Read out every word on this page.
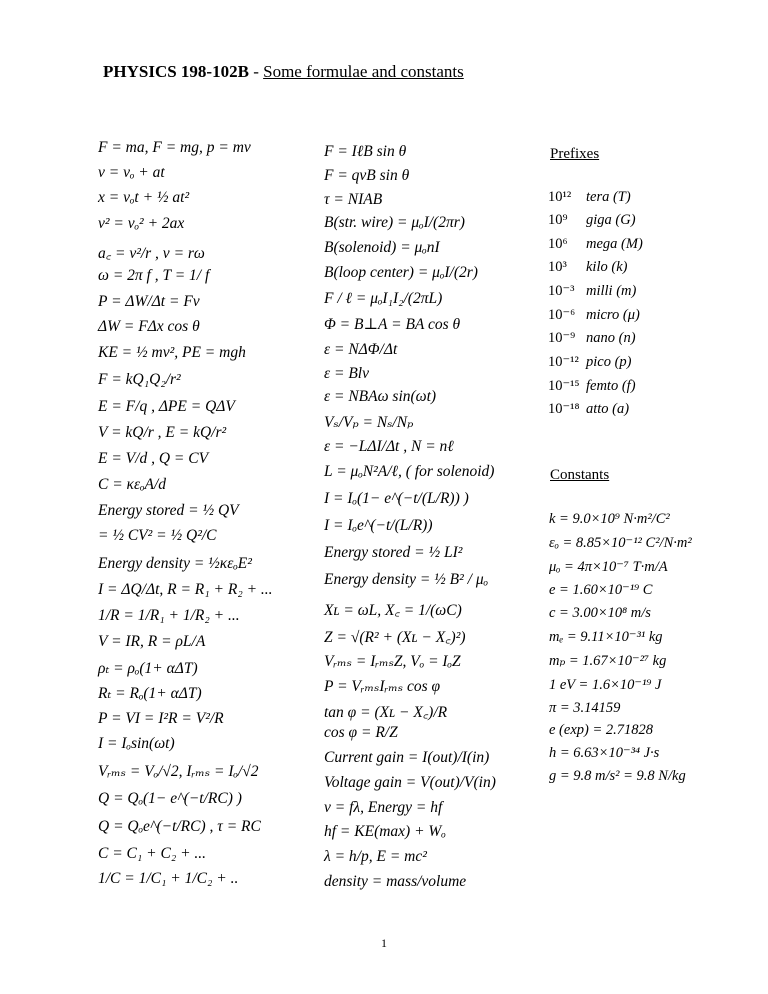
PHYSICS 198-102B - Some formulae and constants
F = ma, F = mg, p = mv
v = vₒ + at
x = vₒt + ½ at²
v² = vₒ² + 2ax
a꜀ = v²/r , v = rω
ω = 2π f , T = 1/ f
P = ΔW/Δt = Fv
ΔW = FΔx cos θ
KE = ½ mv², PE = mgh
F = kQ₁Q₂/r²
E = F/q , ΔPE = QΔV
V = kQ/r , E = kQ/r²
E = V/d , Q = CV
C = κεₒA/d
Energy stored = ½ QV
= ½ CV² = ½ Q²/C
Energy density = ½κεₒE²
I = ΔQ/Δt, R = R₁ + R₂ + ...
1/R = 1/R₁ + 1/R₂ + ...
V = IR, R = ρL/A
ρₜ = ρₒ(1+ αΔT)
Rₜ = Rₒ(1+ αΔT)
P = VI = I²R = V²/R
I = Iₒsin(ωt)
Vᵣₘₛ = Vₒ/√2, Iᵣₘₛ = Iₒ/√2
Q = Qₒ(1− e^(−t/RC) )
Q = Qₒe^(−t/RC) , τ = RC
C = C₁ + C₂ + ...
1/C = 1/C₁ + 1/C₂ + ..
F = IℓB sin θ
F = qvB sin θ
τ = NIAB
B(str. wire) = μₒI/(2πr)
B(solenoid) = μₒnI
B(loop center) = μₒI/(2r)
F / ℓ = μₒI₁I₂/(2πL)
Φ = B⊥A = BA cos θ
ε = NΔΦ/Δt
ε = Blv
ε = NBAω sin(ωt)
Vₛ/Vₚ = Nₛ/Nₚ
ε = −LΔI/Δt , N = nℓ
L = μₒN²A/ℓ, ( for solenoid)
I = Iₒ(1− e^(−t/(L/R)) )
I = Iₒe^(−t/(L/R))
Energy stored = ½ LI²
Energy density = ½ B² / μₒ
Xʟ = ωL, X꜀ = 1/(ωC)
Z = √(R² + (Xʟ − X꜀)²)
Vᵣₘₛ = IᵣₘₛZ, Vₒ = IₒZ
P = VᵣₘₛIᵣₘₛ cos φ
tan φ = (Xʟ − X꜀)/R
cos φ = R/Z
Current gain = I(out)/I(in)
Voltage gain = V(out)/V(in)
v = fλ, Energy = hf
hf = KE(max) + Wₒ
λ = h/p, E = mc²
density = mass/volume
Prefixes
10¹² tera (T)
10⁹ giga (G)
10⁶ mega (M)
10³ kilo (k)
10⁻³ milli (m)
10⁻⁶ micro (μ)
10⁻⁹ nano (n)
10⁻¹² pico (p)
10⁻¹⁵ femto (f)
10⁻¹⁸ atto (a)
Constants
k = 9.0×10⁹ N·m²/C²
εₒ = 8.85×10⁻¹² C²/N·m²
μₒ = 4π×10⁻⁷ T·m/A
e = 1.60×10⁻¹⁹ C
c = 3.00×10⁸ m/s
mₑ = 9.11×10⁻³¹ kg
mₚ = 1.67×10⁻²⁷ kg
1 eV = 1.6×10⁻¹⁹ J
π = 3.14159
e (exp) = 2.71828
h = 6.63×10⁻³⁴ J·s
g = 9.8 m/s² = 9.8 N/kg
1
